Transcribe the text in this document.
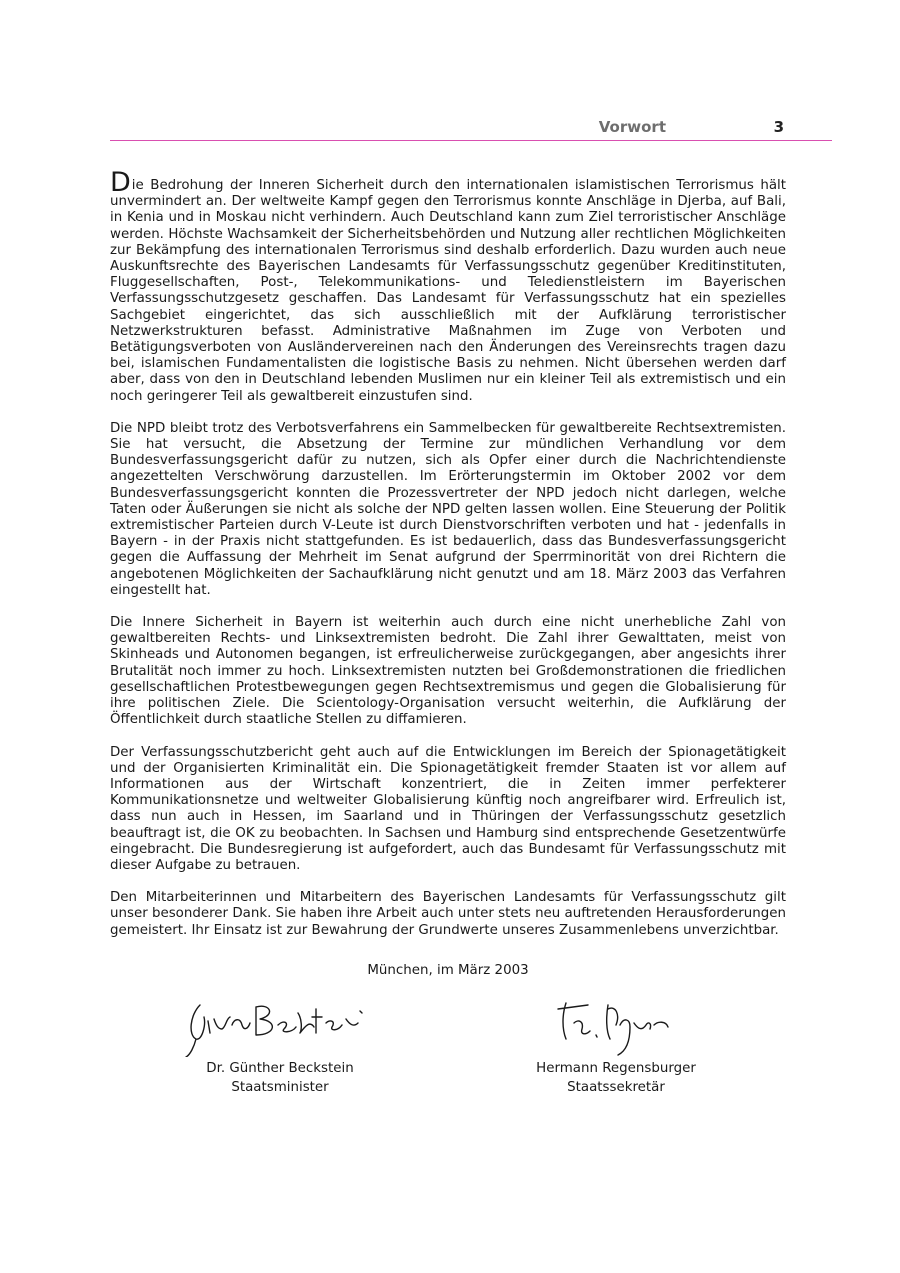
Vorwort	3

Die Bedrohung der Inneren Sicherheit durch den internationalen islamistischen Terrorismus hält unvermindert an. Der weltweite Kampf gegen den Terrorismus konnte Anschläge in Djerba, auf Bali, in Kenia und in Moskau nicht verhindern. Auch Deutschland kann zum Ziel terroristischer Anschläge werden. Höchste Wachsamkeit der Sicherheitsbehörden und Nutzung aller rechtlichen Möglichkeiten zur Bekämpfung des internationalen Terrorismus sind deshalb erforderlich. Dazu wurden auch neue Auskunftsrechte des Bayerischen Landesamts für Verfassungsschutz gegenüber Kreditinstituten, Fluggesellschaften, Post-, Telekommunikations- und Teledienstleistern im Bayerischen Verfassungsschutzgesetz geschaffen. Das Landesamt für Verfassungsschutz hat ein spezielles Sachgebiet eingerichtet, das sich ausschließlich mit der Aufklärung terroristischer Netzwerkstrukturen befasst. Administrative Maßnahmen im Zuge von Verboten und Betätigungsverboten von Ausländervereinen nach den Änderungen des Vereinsrechts tragen dazu bei, islamischen Fundamentalisten die logistische Basis zu nehmen. Nicht übersehen werden darf aber, dass von den in Deutschland lebenden Muslimen nur ein kleiner Teil als extremistisch und ein noch geringerer Teil als gewaltbereit einzustufen sind.

Die NPD bleibt trotz des Verbotsverfahrens ein Sammelbecken für gewaltbereite Rechtsextremisten. Sie hat versucht, die Absetzung der Termine zur mündlichen Verhandlung vor dem Bundesverfassungsgericht dafür zu nutzen, sich als Opfer einer durch die Nachrichtendienste angezettelten Verschwörung darzustellen. Im Erörterungstermin im Oktober 2002 vor dem Bundesverfassungsgericht konnten die Prozessvertreter der NPD jedoch nicht darlegen, welche Taten oder Äußerungen sie nicht als solche der NPD gelten lassen wollen. Eine Steuerung der Politik extremistischer Parteien durch V-Leute ist durch Dienstvorschriften verboten und hat - jedenfalls in Bayern - in der Praxis nicht stattgefunden. Es ist bedauerlich, dass das Bundesverfassungsgericht gegen die Auffassung der Mehrheit im Senat aufgrund der Sperrminorität von drei Richtern die angebotenen Möglichkeiten der Sachaufklärung nicht genutzt und am 18. März 2003 das Verfahren eingestellt hat.

Die Innere Sicherheit in Bayern ist weiterhin auch durch eine nicht unerhebliche Zahl von gewaltbereiten Rechts- und Linksextremisten bedroht. Die Zahl ihrer Gewalttaten, meist von Skinheads und Autonomen begangen, ist erfreulicherweise zurückgegangen, aber angesichts ihrer Brutalität noch immer zu hoch. Linksextremisten nutzten bei Großdemonstrationen die friedlichen gesellschaftlichen Protestbewegungen gegen Rechtsextremismus und gegen die Globalisierung für ihre politischen Ziele. Die Scientology-Organisation versucht weiterhin, die Aufklärung der Öffentlichkeit durch staatliche Stellen zu diffamieren.

Der Verfassungsschutzbericht geht auch auf die Entwicklungen im Bereich der Spionagetätigkeit und der Organisierten Kriminalität ein. Die Spionagetätigkeit fremder Staaten ist vor allem auf Informationen aus der Wirtschaft konzentriert, die in Zeiten immer perfekterer Kommunikationsnetze und weltweiter Globalisierung künftig noch angreifbarer wird. Erfreulich ist, dass nun auch in Hessen, im Saarland und in Thüringen der Verfassungsschutz gesetzlich beauftragt ist, die OK zu beobachten. In Sachsen und Hamburg sind entsprechende Gesetzentwürfe eingebracht. Die Bundesregierung ist aufgefordert, auch das Bundesamt für Verfassungsschutz mit dieser Aufgabe zu betrauen.

Den Mitarbeiterinnen und Mitarbeitern des Bayerischen Landesamts für Verfassungsschutz gilt unser besonderer Dank. Sie haben ihre Arbeit auch unter stets neu auftretenden Herausforderungen gemeistert. Ihr Einsatz ist zur Bewahrung der Grundwerte unseres Zusammenlebens unverzichtbar.

München, im März 2003
Dr. Günther Beckstein
Staatsminister
Hermann Regensburger
Staatssekretär
